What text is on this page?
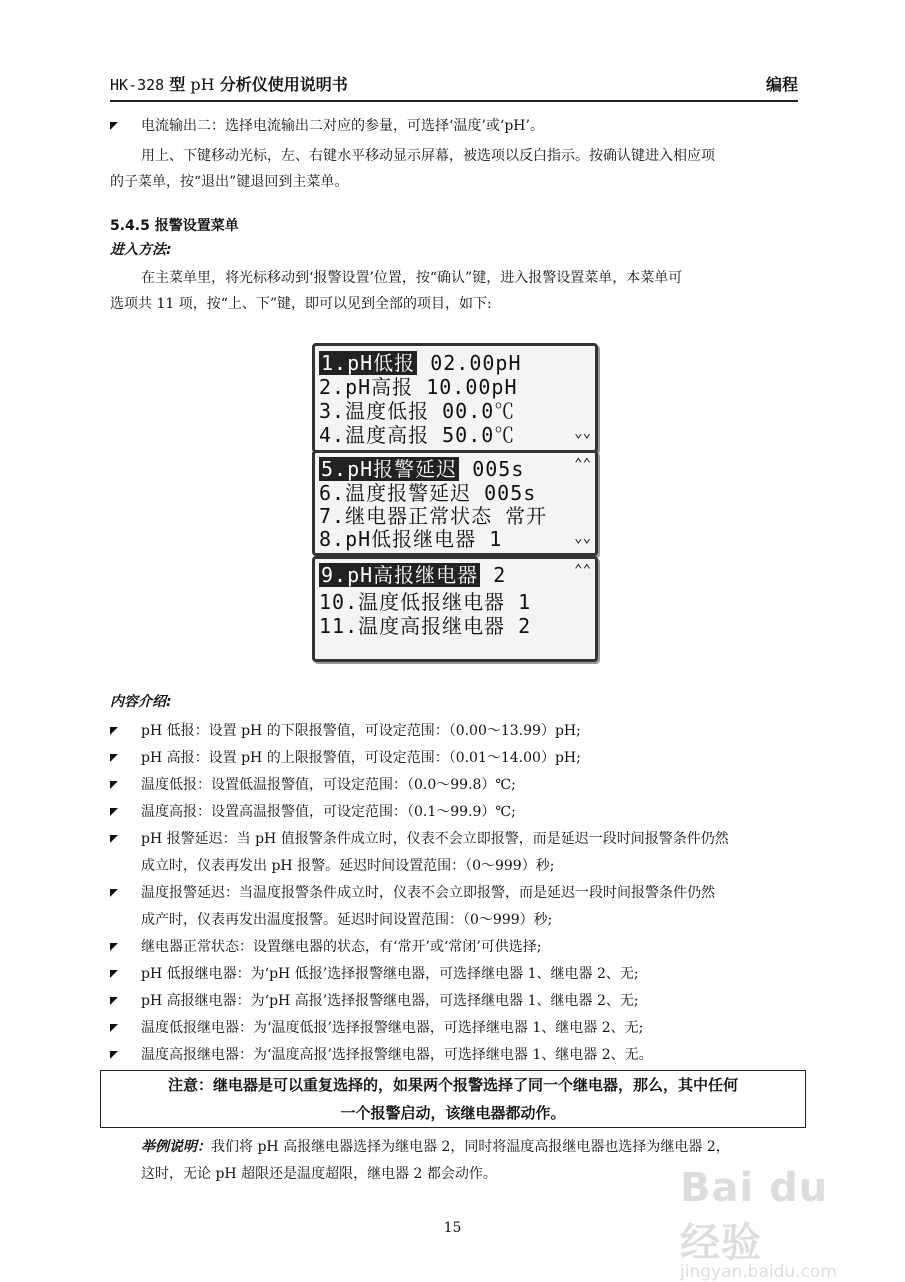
HK-328 型 pH 分析仪使用说明书	编程
电流输出二：选择电流输出二对应的参量，可选择‘温度’或‘pH’。
用上、下键移动光标，左、右键水平移动显示屏幕，被选项以反白指示。按确认键进入相应项
的子菜单，按“退出”键退回到主菜单。
5.4.5 报警设置菜单
进入方法:
在主菜单里，将光标移动到‘报警设置’位置，按“确认”键，进入报警设置菜单，本菜单可
选项共 11 项，按“上、下”键，即可以见到全部的项目，如下:
1.pH低报 02.00pH
2.pH高报 10.00pH
3.温度低报 00.0℃
4.温度高报 50.0℃	⌄⌄
⌃⌃
5.pH报警延迟 005s
6.温度报警延迟 005s
7.继电器正常状态 常开
8.pH低报继电器 1	⌄⌄
⌃⌃
9.pH高报继电器 2
10.温度低报继电器 1
11.温度高报继电器 2
内容介绍:
pH 低报：设置 pH 的下限报警值，可设定范围：（0.00～13.99）pH;
pH 高报：设置 pH 的上限报警值，可设定范围：（0.01～14.00）pH;
温度低报：设置低温报警值，可设定范围：（0.0～99.8）℃;
温度高报：设置高温报警值，可设定范围：（0.1～99.9）℃;
pH 报警延迟：当 pH 值报警条件成立时，仪表不会立即报警，而是延迟一段时间报警条件仍然
成立时，仪表再发出 pH 报警。延迟时间设置范围：（0～999）秒;
温度报警延迟：当温度报警条件成立时，仪表不会立即报警，而是延迟一段时间报警条件仍然
成产时，仪表再发出温度报警。延迟时间设置范围：（0～999）秒;
继电器正常状态：设置继电器的状态，有‘常开’或‘常闭’可供选择;
pH 低报继电器：为‘pH 低报’选择报警继电器，可选择继电器 1、继电器 2、无;
pH 高报继电器：为‘pH 高报’选择报警继电器，可选择继电器 1、继电器 2、无;
温度低报继电器：为‘温度低报’选择报警继电器，可选择继电器 1、继电器 2、无;
温度高报继电器：为‘温度高报’选择报警继电器，可选择继电器 1、继电器 2、无。
注意：继电器是可以重复选择的，如果两个报警选择了同一个继电器，那么，其中任何
一个报警启动，该继电器都动作。
举例说明：我们将 pH 高报继电器选择为继电器 2，同时将温度高报继电器也选择为继电器 2，
这时，无论 pH 超限还是温度超限，继电器 2 都会动作。
15
Bai du 经验
jingyan.baidu.com
